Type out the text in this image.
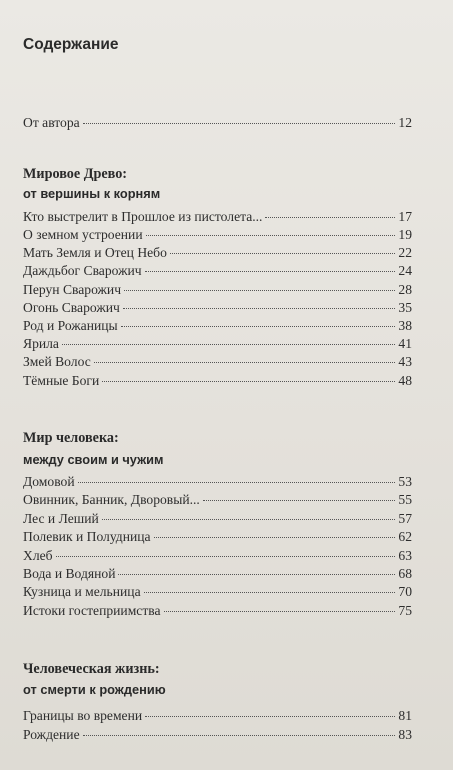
Содержание
От автора	12
Мировое Древо:
от вершины к корням
Кто выстрелит в Прошлое из пистолета...	17
О земном устроении	19
Мать Земля и Отец Небо	22
Даждьбог Сварожич	24
Перун Сварожич	28
Огонь Сварожич	35
Род и Рожаницы	38
Ярила	41
Змей Волос	43
Тёмные Боги	48
Мир человека:
между своим и чужим
Домовой	53
Овинник, Банник, Дворовый...	55
Лес и Леший	57
Полевик и Полудница	62
Хлеб	63
Вода и Водяной	68
Кузница и мельница	70
Истоки гостеприимства	75
Человеческая жизнь:
от смерти к рождению
Границы во времени	81
Рождение	83
